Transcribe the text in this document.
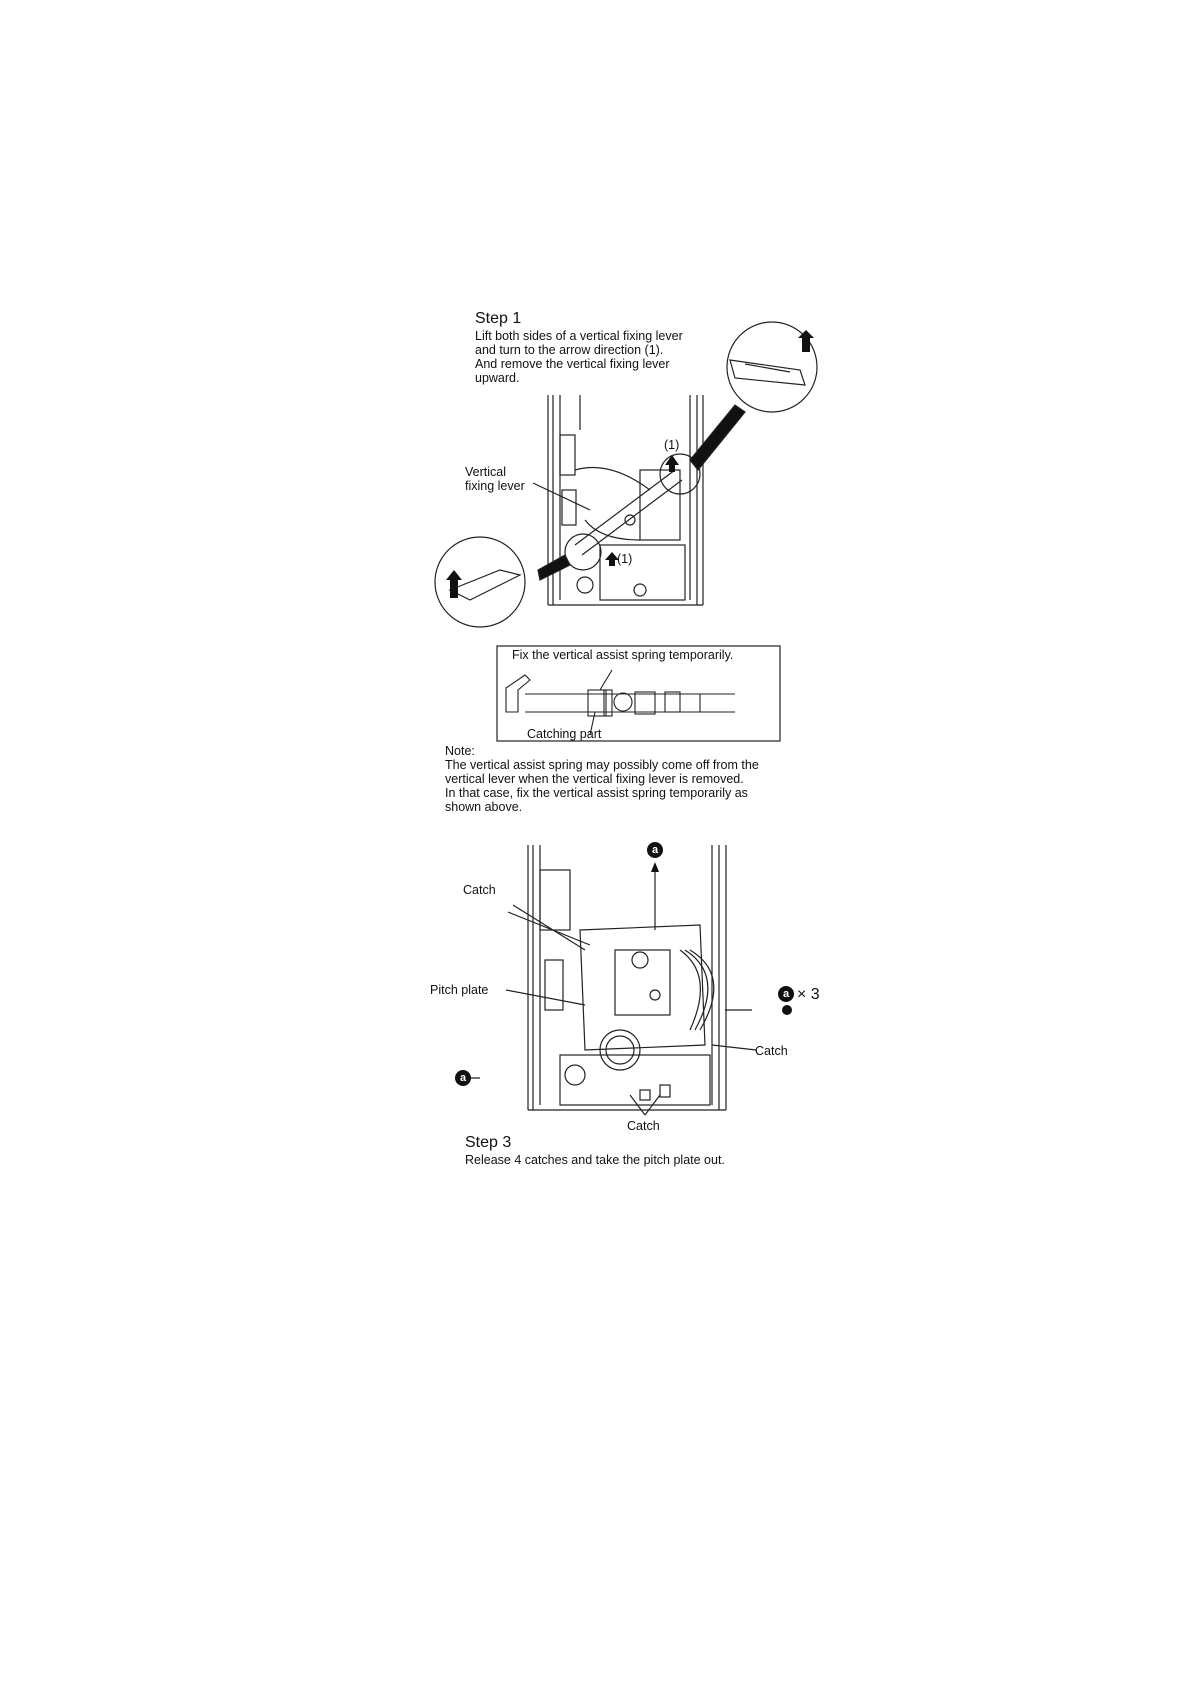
Step 1
Lift both sides of a vertical fixing lever
and turn to the arrow direction (1).
And remove the vertical fixing lever
upward.
Vertical
fixing lever
(1)
(1)
Fix the vertical assist spring temporarily.
Catching part
Note:
The vertical assist spring may possibly come off from the
vertical lever when the vertical fixing lever is removed.
In that case, fix the vertical assist spring temporarily as
shown above.
a
a × 3
a
Catch
Pitch plate
Catch
Catch
Step 3
Release 4 catches and take the pitch plate out.
